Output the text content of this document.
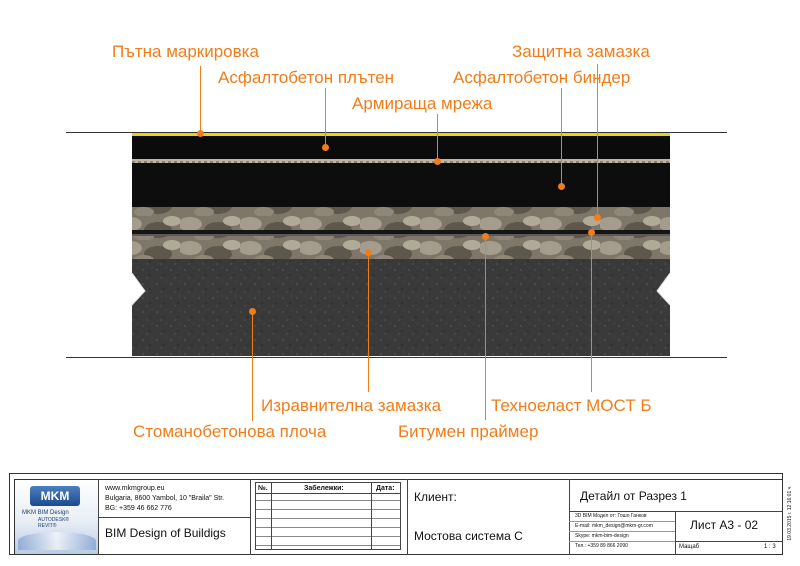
Пътна маркировка
Асфалтобетон плътен
Армираща мрежа
Защитна замазка
Асфалтобетон биндер
Изравнителна замазка	Техноеласт МОСТ Б
Стоманобетонова плоча	Битумен праймер
MKM
MKM BIM Design
AUTODESK® REVIT®
www.mkmgroup.eu
Bulgaria, 8600 Yambol, 10 "Braila" Str.
BG: +359 46 662 776
BIM Design of Buildigs
№.	Забележки:	Дата:
Клиент:
Мостова система С
Детайл от Разрез 1
3D BIM Модел от: Гошо Ганков
E-mail: mkm_design@mkm-gr.com
Skype: mkm-bim-design
Тел.: +359 89 866 2090
Лист А3 - 02
Мащаб	1 : 3
19.03.2015 г. 12:16:01 ч.
